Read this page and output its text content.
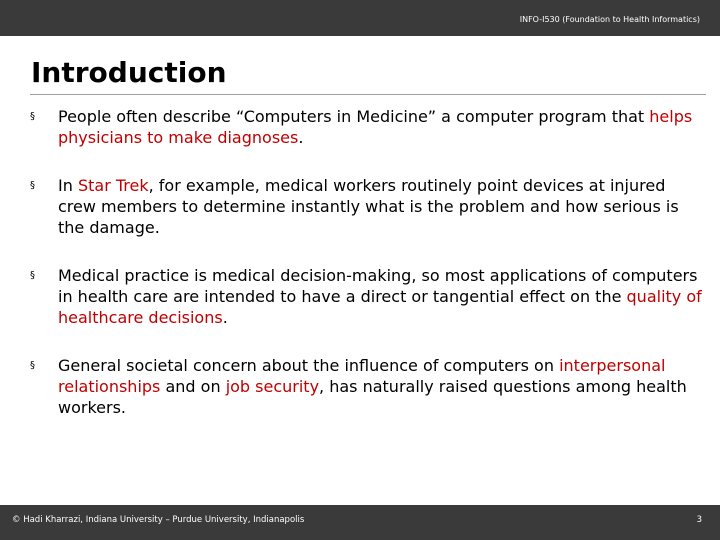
INFO-I530 (Foundation to Health Informatics)
Introduction
§ People often describe “Computers in Medicine” a computer program that helps physicians to make diagnoses.

§ In Star Trek, for example, medical workers routinely point devices at injured crew members to determine instantly what is the problem and how serious is the damage.

§ Medical practice is medical decision-making, so most applications of computers in health care are intended to have a direct or tangential effect on the quality of healthcare decisions.

§ General societal concern about the influence of computers on interpersonal relationships and on job security, has naturally raised questions among health workers.

© Hadi Kharrazi, Indiana University – Purdue University, Indianapolis	3
